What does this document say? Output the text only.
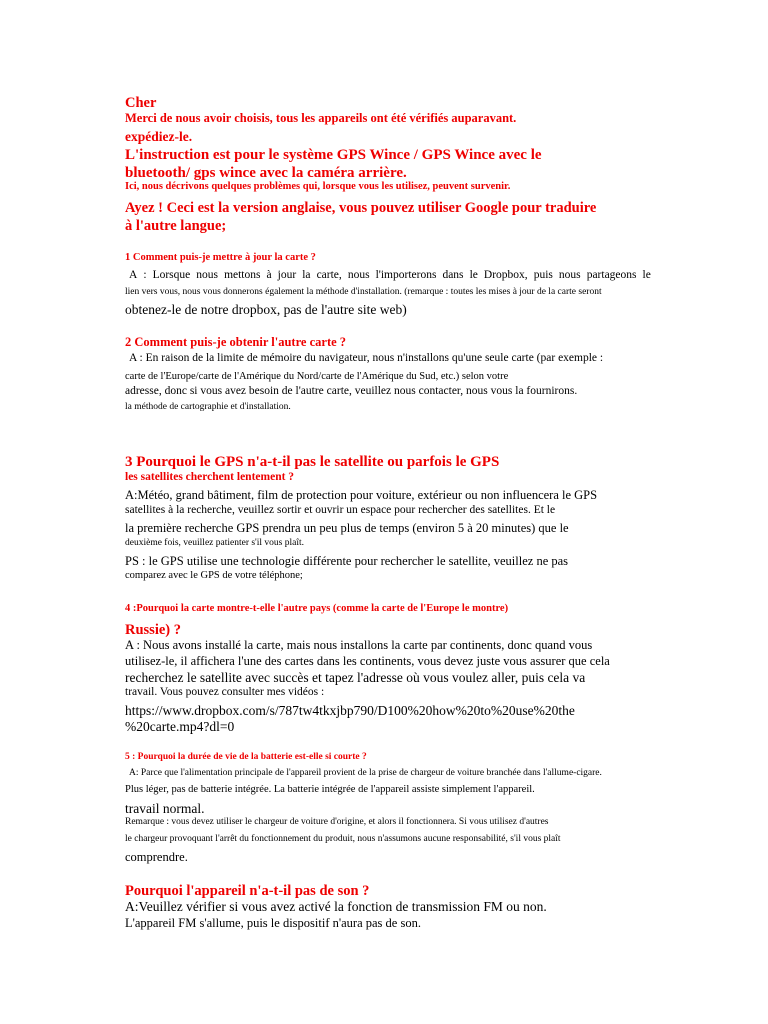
Cher
Merci de nous avoir choisis, tous les appareils ont été vérifiés auparavant.
expédiez-le.
L'instruction est pour le système GPS Wince / GPS Wince avec le
bluetooth/ gps wince avec la caméra arrière.
Ici, nous décrivons quelques problèmes qui, lorsque vous les utilisez, peuvent survenir.
Ayez ! Ceci est la version anglaise, vous pouvez utiliser Google pour traduire
à l'autre langue;
1 Comment puis-je mettre à jour la carte ?
A : Lorsque nous mettons à jour la carte, nous l'importerons dans le Dropbox, puis nous partageons le
lien vers vous, nous vous donnerons également la méthode d'installation. (remarque : toutes les mises à jour de la carte seront
obtenez-le de notre dropbox, pas de l'autre site web)
2 Comment puis-je obtenir l'autre carte ?
A : En raison de la limite de mémoire du navigateur, nous n'installons qu'une seule carte (par exemple :
carte de l'Europe/carte de l'Amérique du Nord/carte de l'Amérique du Sud, etc.) selon votre
adresse, donc si vous avez besoin de l'autre carte, veuillez nous contacter, nous vous la fournirons.
la méthode de cartographie et d'installation.
3 Pourquoi le GPS n'a-t-il pas le satellite ou parfois le GPS
les satellites cherchent lentement ?
A:Météo, grand bâtiment, film de protection pour voiture, extérieur ou non influencera le GPS
satellites à la recherche, veuillez sortir et ouvrir un espace pour rechercher des satellites. Et le
la première recherche GPS prendra un peu plus de temps (environ 5 à 20 minutes) que le
deuxième fois, veuillez patienter s'il vous plaît.
PS : le GPS utilise une technologie différente pour rechercher le satellite, veuillez ne pas
comparez avec le GPS de votre téléphone;
4 :Pourquoi la carte montre-t-elle l'autre pays (comme la carte de l'Europe le montre)
Russie) ?
A : Nous avons installé la carte, mais nous installons la carte par continents, donc quand vous
utilisez-le, il affichera l'une des cartes dans les continents, vous devez juste vous assurer que cela
recherchez le satellite avec succès et tapez l'adresse où vous voulez aller, puis cela va
travail. Vous pouvez consulter mes vidéos :
https://www.dropbox.com/s/787tw4tkxjbp790/D100%20how%20to%20use%20the
%20carte.mp4?dl=0
5 : Pourquoi la durée de vie de la batterie est-elle si courte ?
A: Parce que l'alimentation principale de l'appareil provient de la prise de chargeur de voiture branchée dans l'allume-cigare.
Plus léger, pas de batterie intégrée. La batterie intégrée de l'appareil assiste simplement l'appareil.
travail normal.
Remarque : vous devez utiliser le chargeur de voiture d'origine, et alors il fonctionnera. Si vous utilisez d'autres
le chargeur provoquant l'arrêt du fonctionnement du produit, nous n'assumons aucune responsabilité, s'il vous plaît
comprendre.
Pourquoi l'appareil n'a-t-il pas de son ?
A:Veuillez vérifier si vous avez activé la fonction de transmission FM ou non.
L'appareil FM s'allume, puis le dispositif n'aura pas de son.
